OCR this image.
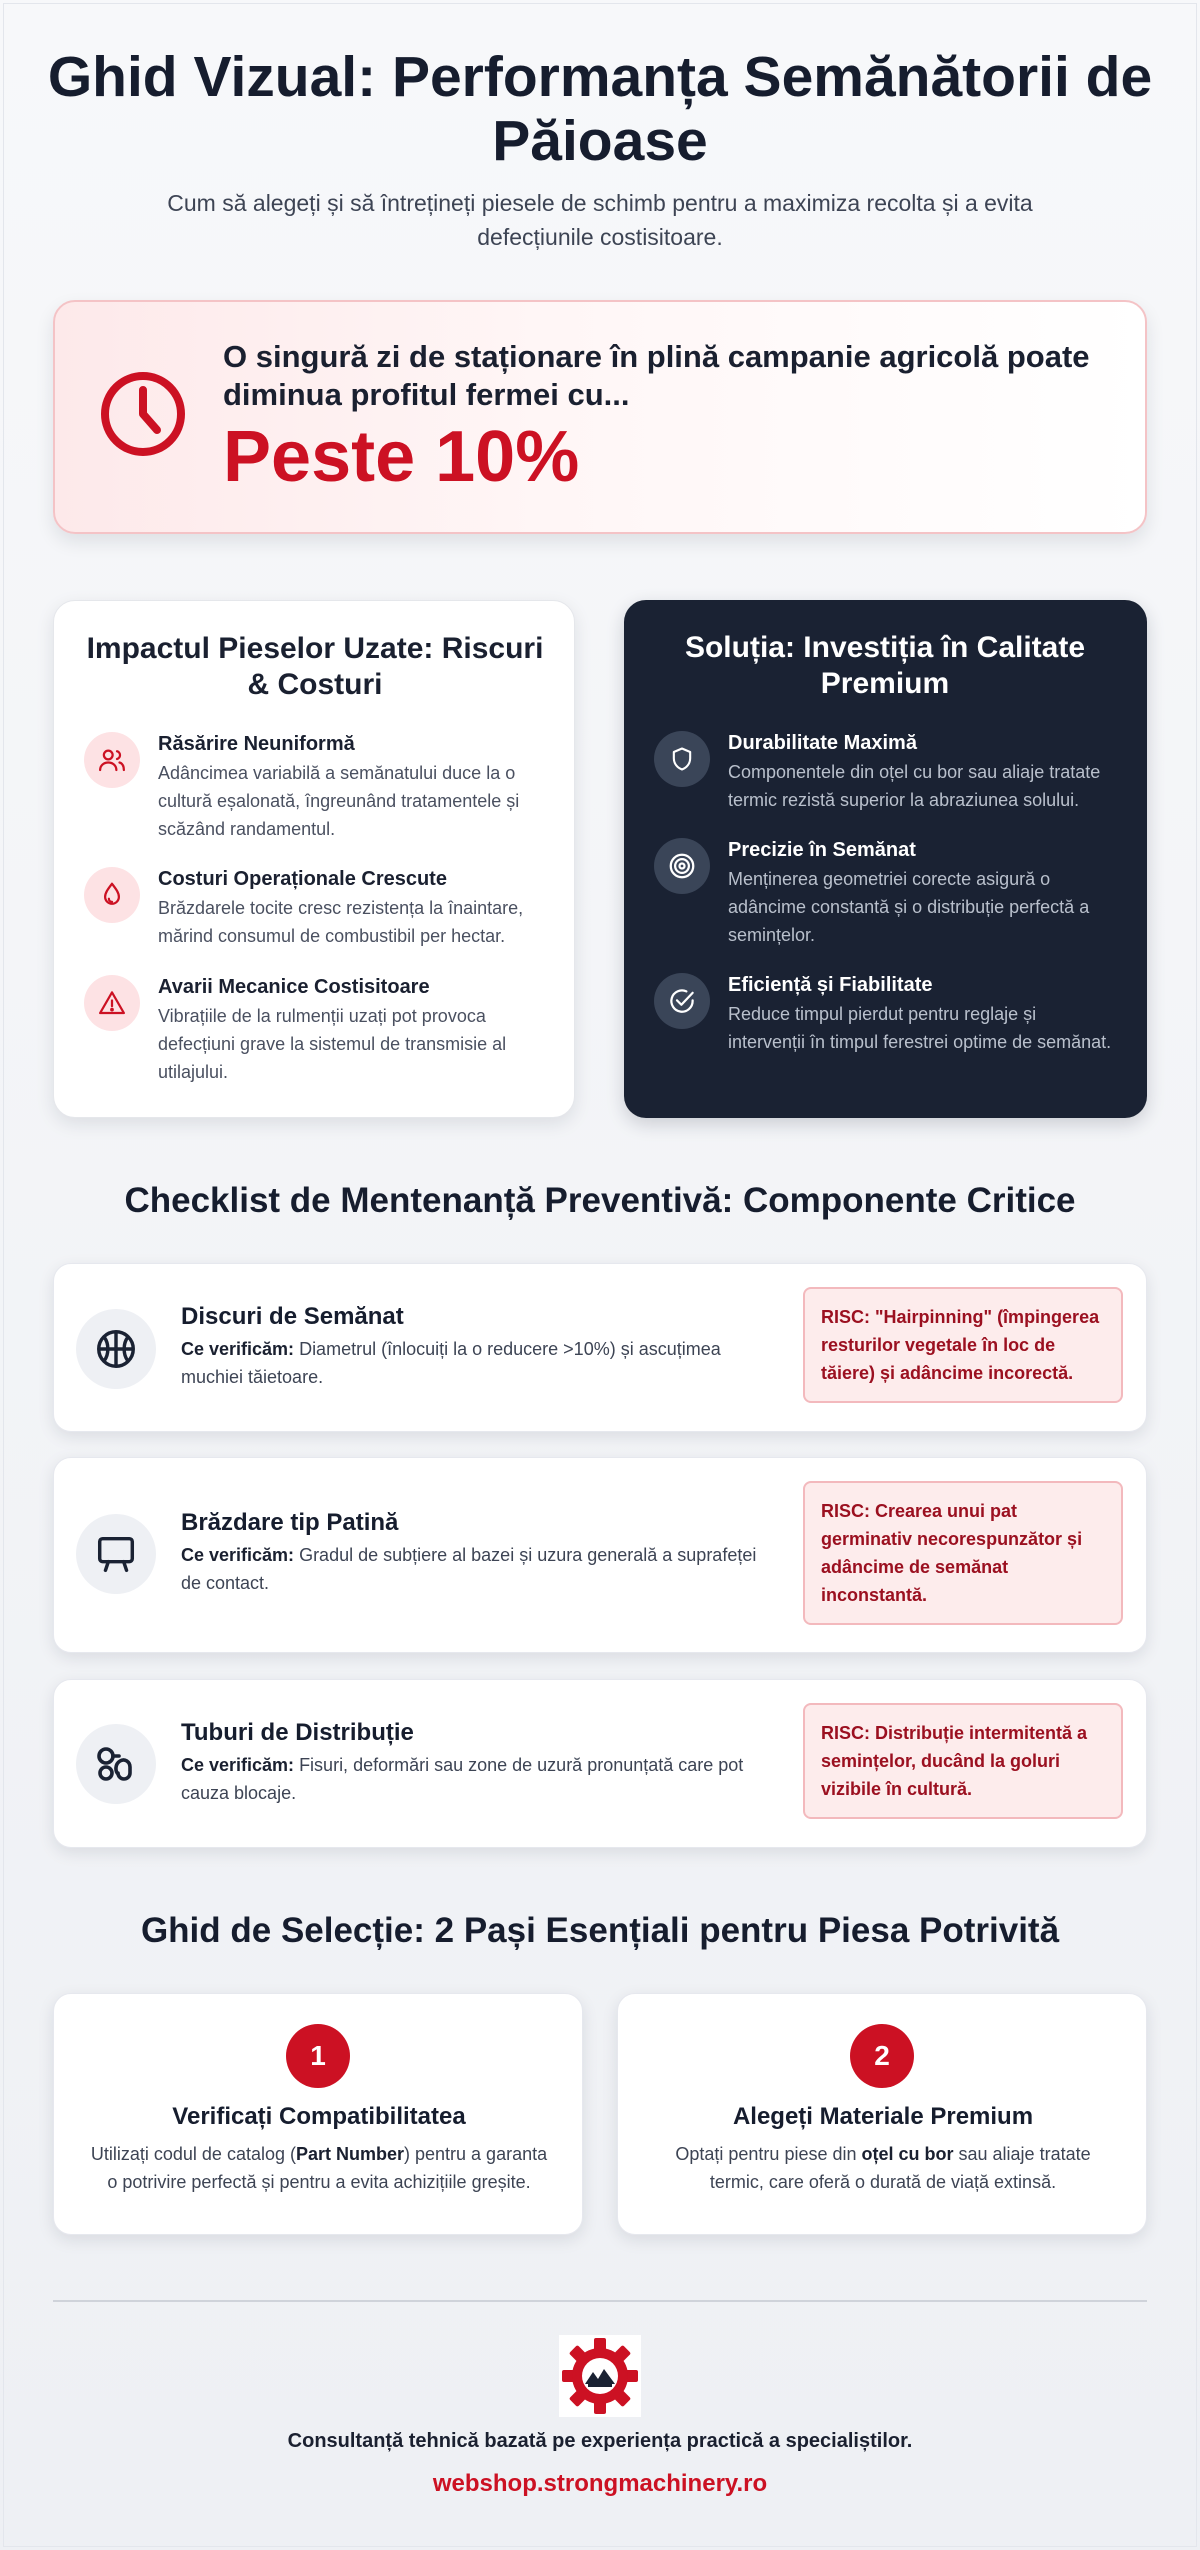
Ghid Vizual: Performanța Semănătorii de Păioase

Cum să alegeți și să întrețineți piesele de schimb pentru a maximiza recolta și a evita defecțiunile costisitoare.

O singură zi de staționare în plină campanie agricolă poate diminua profitul fermei cu...
Peste 10%
Impactul Pieselor Uzate: Riscuri & Costuri
Răsărire Neuniformă
Adâncimea variabilă a semănatului duce la o cultură eșalonată, îngreunând tratamentele și scăzând randamentul.
Costuri Operaționale Crescute
Brăzdarele tocite cresc rezistența la înaintare, mărind consumul de combustibil per hectar.
Avarii Mecanice Costisitoare
Vibrațiile de la rulmenții uzați pot provoca defecțiuni grave la sistemul de transmisie al utilajului.
Soluția: Investiția în Calitate Premium
Durabilitate Maximă
Componentele din oțel cu bor sau aliaje tratate termic rezistă superior la abraziunea solului.
Precizie în Semănat
Menținerea geometriei corecte asigură o adâncime constantă și o distribuție perfectă a semințelor.
Eficiență și Fiabilitate
Reduce timpul pierdut pentru reglaje și intervenții în timpul ferestrei optime de semănat.
Checklist de Mentenanță Preventivă: Componente Critice
Discuri de Semănat
Ce verificăm: Diametrul (înlocuiți la o reducere >10%) și ascuțimea muchiei tăietoare.
RISC: "Hairpinning" (împingerea resturilor vegetale în loc de tăiere) și adâncime incorectă.
Brăzdare tip Patină
Ce verificăm: Gradul de subțiere al bazei și uzura generală a suprafeței de contact.
RISC: Crearea unui pat germinativ necorespunzător și adâncime de semănat inconstantă.
Tuburi de Distribuție
Ce verificăm: Fisuri, deformări sau zone de uzură pronunțată care pot cauza blocaje.
RISC: Distribuție intermitentă a semințelor, ducând la goluri vizibile în cultură.
Ghid de Selecție: 2 Pași Esențiali pentru Piesa Potrivită
1
Verificați Compatibilitatea
Utilizați codul de catalog (Part Number) pentru a garanta o potrivire perfectă și pentru a evita achizițiile greșite.
2
Alegeți Materiale Premium
Optați pentru piese din oțel cu bor sau aliaje tratate termic, care oferă o durată de viață extinsă.
Consultanță tehnică bazată pe experiența practică a specialiștilor.
webshop.strongmachinery.ro
